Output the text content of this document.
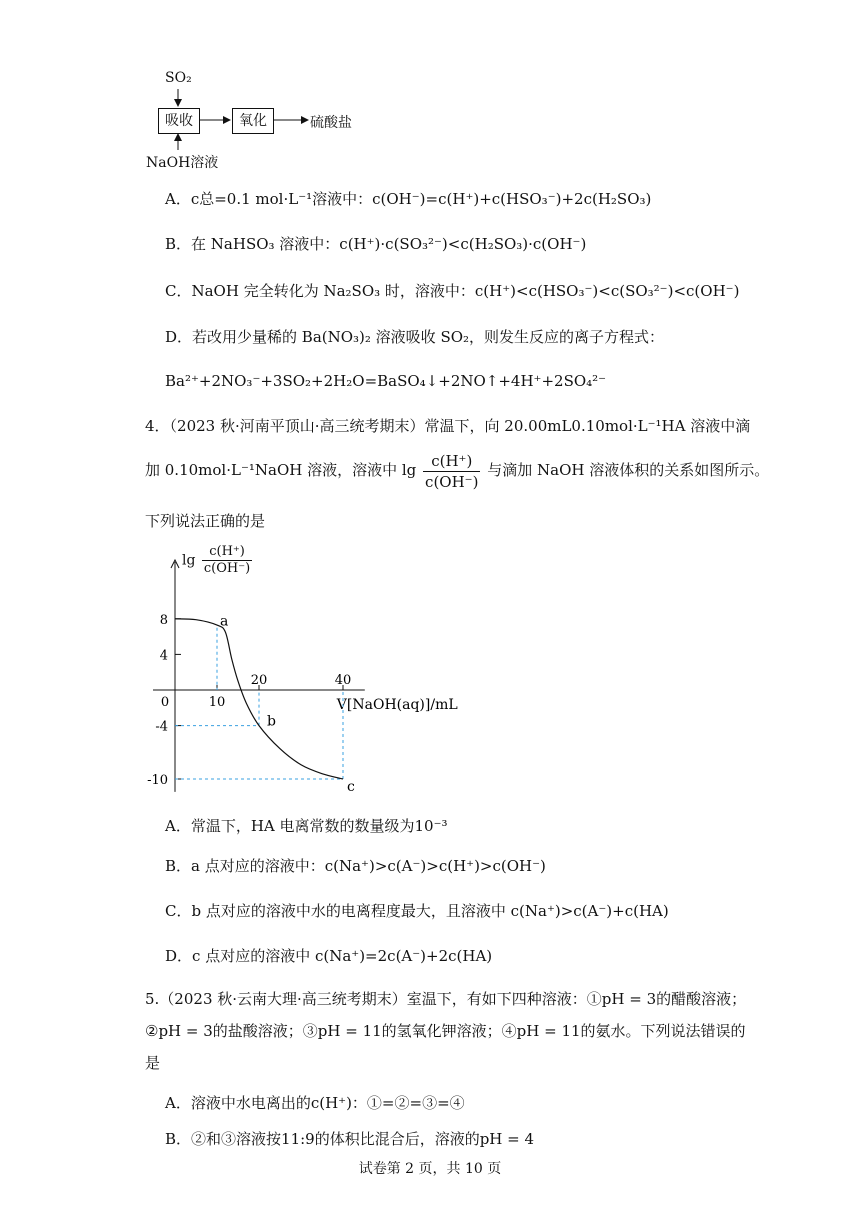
SO₂
吸收	氧化	硫酸盐
NaOH溶液
A．c总=0.1 mol·L⁻¹溶液中：c(OH⁻)=c(H⁺)+c(HSO₃⁻)+2c(H₂SO₃)
B．在 NaHSO₃ 溶液中：c(H⁺)·c(SO₃²⁻)<c(H₂SO₃)·c(OH⁻)
C．NaOH 完全转化为 Na₂SO₃ 时，溶液中：c(H⁺)<c(HSO₃⁻)<c(SO₃²⁻)<c(OH⁻)
D．若改用少量稀的 Ba(NO₃)₂ 溶液吸收 SO₂，则发生反应的离子方程式：
Ba²⁺+2NO₃⁻+3SO₂+2H₂O=BaSO₄↓+2NO↑+4H⁺+2SO₄²⁻
4．（2023 秋·河南平顶山·高三统考期末）常温下，向 20.00mL0.10mol·L⁻¹HA 溶液中滴
加 0.10mol·L⁻¹NaOH 溶液，溶液中 $\lg \frac{c(H^+)}{c(OH^-)}$ 与滴加 NaOH 溶液体积的关系如图所示。
下列说法正确的是
V[NaOH(aq)]/mL
0	10
20	40
8
4
-4
-10
a
b
c
$\lg \frac{c(H^+)}{c(OH^-)}$
A．常温下，HA 电离常数的数量级为10⁻³
B．a 点对应的溶液中：c(Na⁺)>c(A⁻)>c(H⁺)>c(OH⁻)
C．b 点对应的溶液中水的电离程度最大，且溶液中 c(Na⁺)>c(A⁻)+c(HA)
D．c 点对应的溶液中 c(Na⁺)=2c(A⁻)+2c(HA)
5.（2023 秋·云南大理·高三统考期末）室温下，有如下四种溶液：①pH = 3的醋酸溶液；
②pH = 3的盐酸溶液；③pH = 11的氢氧化钾溶液；④pH = 11的氨水。下列说法错误的
是
A．溶液中水电离出的c(H⁺)：①=②=③=④
B．②和③溶液按11:9的体积比混合后，溶液的pH = 4
试卷第 2 页，共 10 页
